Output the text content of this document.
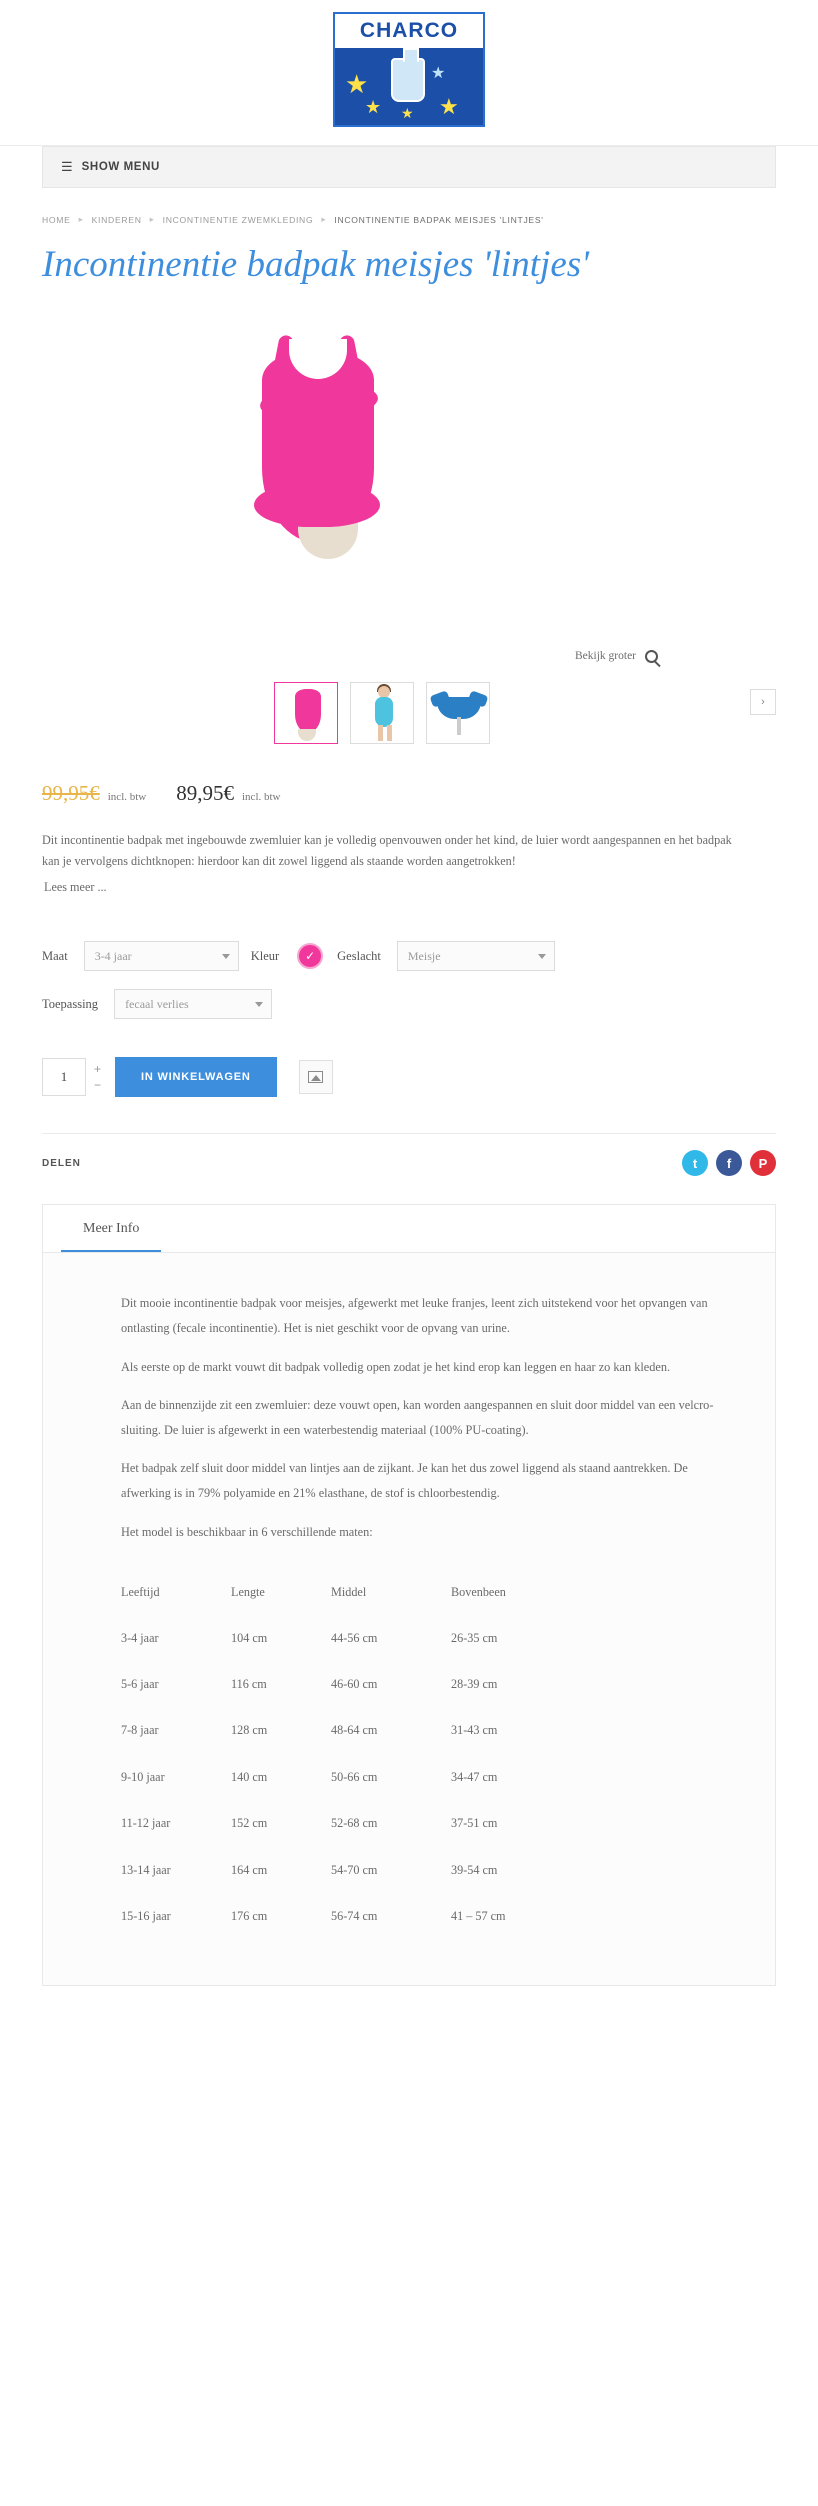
CHARCO
★
★
★
★
★
☰ SHOW MENU
HOME ▸ KINDEREN ▸ INCONTINENTIE ZWEMKLEDING ▸ INCONTINENTIE BADPAK MEISJES 'LINTJES'
Incontinentie badpak meisjes 'lintjes'
Bekijk groter
›
99,95€ incl. btw 89,95€ incl. btw
Dit incontinentie badpak met ingebouwde zwemluier kan je volledig openvouwen onder het kind, de luier wordt aangespannen en het badpak kan je vervolgens dichtknopen: hierdoor kan dit zowel liggend als staande worden aangetrokken!
Lees meer ...
Maat
3-4 jaar	Kleur	✓	Geslacht
Meisje
Toepassing
fecaal verlies
1
+
−
IN WINKELWAGEN
DELEN	t	f	P
Meer Info

Dit mooie incontinentie badpak voor meisjes, afgewerkt met leuke franjes, leent zich uitstekend voor het opvangen van ontlasting (fecale incontinentie). Het is niet geschikt voor de opvang van urine.

Als eerste op de markt vouwt dit badpak volledig open zodat je het kind erop kan leggen en haar zo kan kleden.

Aan de binnenzijde zit een zwemluier: deze vouwt open, kan worden aangespannen en sluit door middel van een velcro-sluiting. De luier is afgewerkt in een waterbestendig materiaal (100% PU-coating).

Het badpak zelf sluit door middel van lintjes aan de zijkant. Je kan het dus zowel liggend als staand aantrekken. De afwerking is in 79% polyamide en 21% elasthane, de stof is chloorbestendig.

Het model is beschikbaar in 6 verschillende maten:

Leeftijd	Lengte	Middel	Bovenbeen
3-4 jaar	104 cm	44-56 cm	26-35 cm
5-6 jaar	116 cm	46-60 cm	28-39 cm
7-8 jaar	128 cm	48-64 cm	31-43 cm
9-10 jaar	140 cm	50-66 cm	34-47 cm
11-12 jaar	152 cm	52-68 cm	37-51 cm
13-14 jaar	164 cm	54-70 cm	39-54 cm
15-16 jaar	176 cm	56-74 cm	41 – 57 cm
